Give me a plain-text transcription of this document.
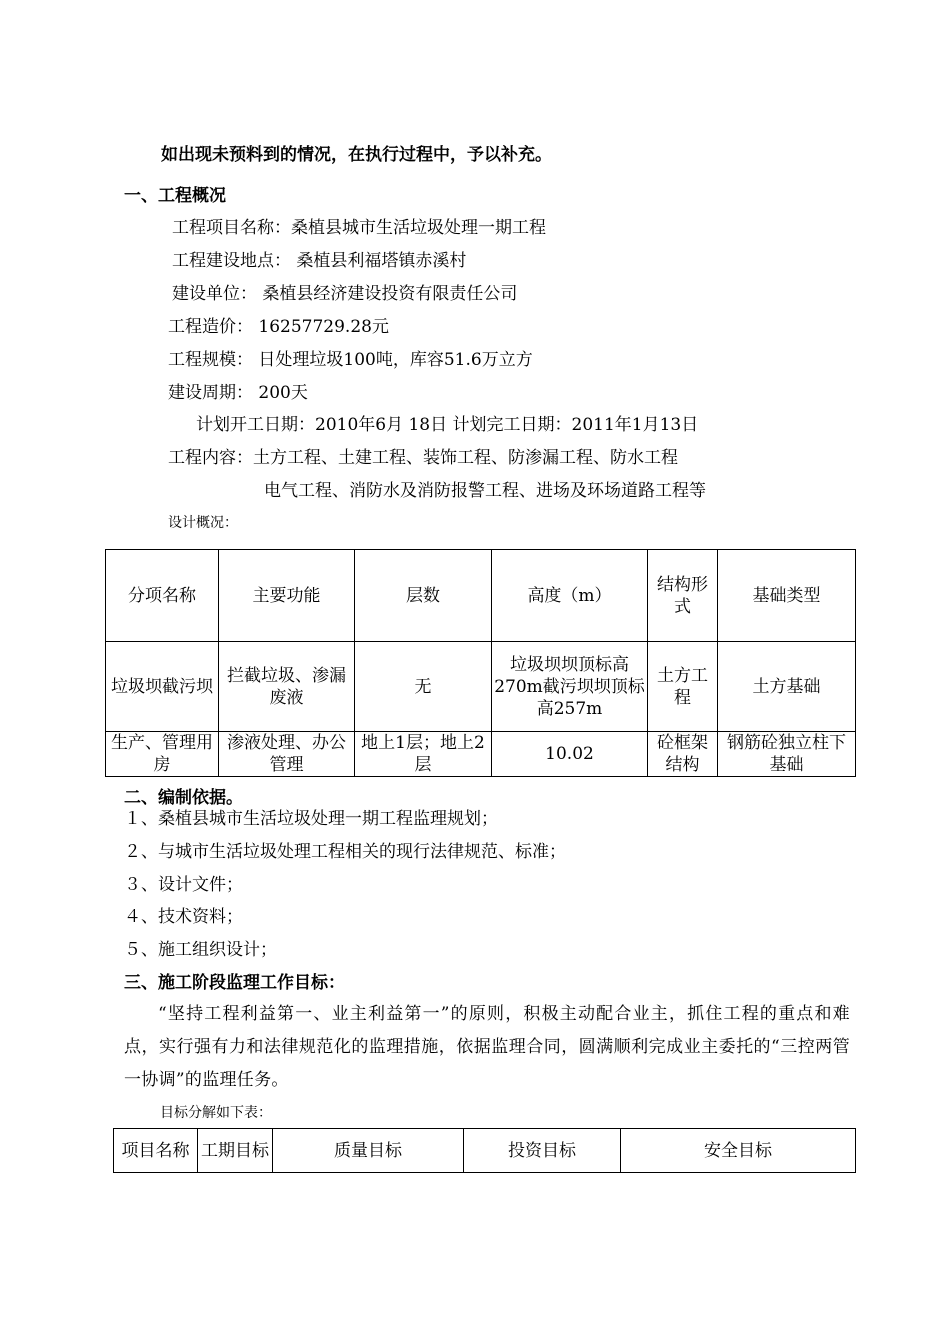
如出现未预料到的情况，在执行过程中，予以补充。
一、工程概况
工程项目名称：桑植县城市生活垃圾处理一期工程
工程建设地点： 桑植县利福塔镇赤溪村
建设单位： 桑植县经济建设投资有限责任公司
工程造价： 16257729.28元
工程规模： 日处理垃圾100吨，库容51.6万立方
建设周期： 200天
计划开工日期：2010年6月 18日 计划完工日期：2011年1月13日
工程内容：土方工程、土建工程、装饰工程、防渗漏工程、防水工程
电气工程、消防水及消防报警工程、进场及环场道路工程等
设计概况：
分项名称	主要功能	层数	高度（m）	结构形式	基础类型
垃圾坝截污坝	拦截垃圾、渗漏废液	无	垃圾坝坝顶标高270m截污坝坝顶标高257m	土方工程	土方基础
生产、管理用房	渗液处理、办公管理	地上1层；地上2层	10.02	砼框架结构	钢筋砼独立柱下基础
二、编制依据。
１、桑植县城市生活垃圾处理一期工程监理规划；
２、与城市生活垃圾处理工程相关的现行法律规范、标准；
３、设计文件；
４、技术资料；
５、施工组织设计；
三、施工阶段监理工作目标：
“坚持工程利益第一、业主利益第一”的原则，积极主动配合业主，抓住工程的重点和难点，实行强有力和法律规范化的监理措施，依据监理合同，圆满顺利完成业主委托的“三控两管一协调”的监理任务。
目标分解如下表：
项目名称	工期目标	质量目标	投资目标	安全目标
